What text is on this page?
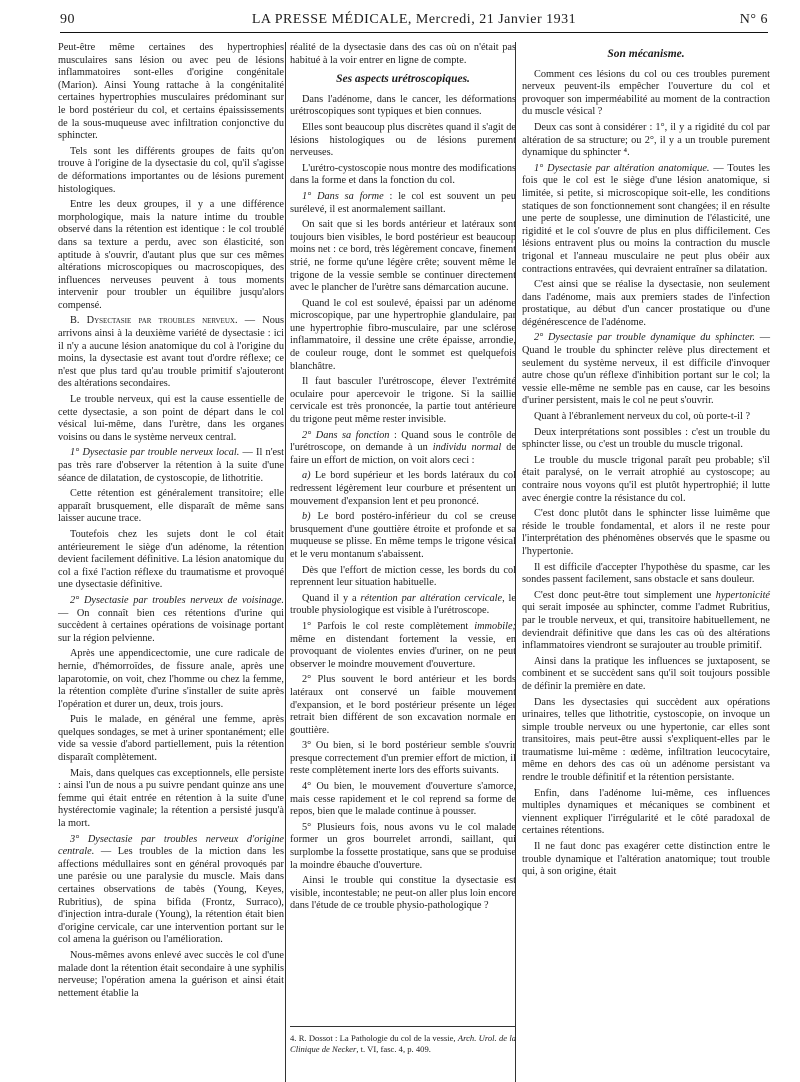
90	LA PRESSE MÉDICALE, Mercredi, 21 Janvier 1931	N° 6

Peut-être même certaines des hypertrophies musculaires sans lésion ou avec peu de lésions inflammatoires sont-elles d'origine congénitale (Marion). Ainsi Young rattache à la congénitalité certaines hypertrophies musculaires prédominant sur le bord postérieur du col, et certains épaississements de la sous-muqueuse avec infiltration conjonctive du sphincter.

Tels sont les différents groupes de faits qu'on trouve à l'origine de la dysectasie du col, qu'il s'agisse de déformations importantes ou de lésions purement histologiques.

Entre les deux groupes, il y a une différence morphologique, mais la nature intime du trouble observé dans la rétention est identique : le col troublé dans sa texture a perdu, avec son élasticité, son aptitude à s'ouvrir, d'autant plus que sur ces mêmes altérations microscopiques ou macroscopiques, des influences nerveuses peuvent à tous moments intervenir pour troubler un équilibre jusqu'alors compensé.

B. Dysectasie par troubles nerveux. — Nous arrivons ainsi à la deuxième variété de dysectasie : ici il n'y a aucune lésion anatomique du col à l'origine du moins, la dysectasie est avant tout d'ordre réflexe; ce n'est que plus tard qu'au trouble primitif s'ajouteront des altérations secondaires.

Le trouble nerveux, qui est la cause essentielle de cette dysectasie, a son point de départ dans le col vésical lui-même, dans l'urètre, dans les organes voisins ou dans le système nerveux central.

1° Dysectasie par trouble nerveux local. — Il n'est pas très rare d'observer la rétention à la suite d'une séance de dilatation, de cystoscopie, de lithotritie.

Cette rétention est généralement transitoire; elle apparaît brusquement, elle disparaît de même sans laisser aucune trace.

Toutefois chez les sujets dont le col était antérieurement le siège d'un adénome, la rétention devient facilement définitive. La lésion anatomique du col a fixé l'action réflexe du traumatisme et provoqué une dysectasie définitive.

2° Dysectasie par troubles nerveux de voisinage. — On connaît bien ces rétentions d'urine qui succèdent à certaines opérations de voisinage portant sur la région pelvienne.

Après une appendicectomie, une cure radicale de hernie, d'hémorroïdes, de fissure anale, après une laparotomie, on voit, chez l'homme ou chez la femme, la rétention complète d'urine s'installer de suite après l'opération et durer un, deux, trois jours.

Puis le malade, en général une femme, après quelques sondages, se met à uriner spontanément; elle vide sa vessie d'abord partiellement, puis la rétention disparaît complètement.

Mais, dans quelques cas exceptionnels, elle persiste : ainsi l'un de nous a pu suivre pendant quinze ans une femme qui était entrée en rétention à la suite d'une hystérectomie vaginale; la rétention a persisté jusqu'à la mort.

3° Dysectasie par troubles nerveux d'origine centrale. — Les troubles de la miction dans les affections médullaires sont en général provoqués par une parésie ou une paralysie du muscle. Mais dans certaines observations de tabès (Young, Keyes, Rubritius), de spina bifida (Frontz, Surraco), d'injection intra-durale (Young), la rétention était bien d'origine cervicale, car une intervention portant sur le col amena la guérison ou l'amélioration.

Nous-mêmes avons enlevé avec succès le col d'une malade dont la rétention était secondaire à une syphilis nerveuse; l'opération amena la guérison et ainsi était nettement établie la

réalité de la dysectasie dans des cas où on n'était pas habitué à la voir entrer en ligne de compte.

Ses aspects urétroscopiques.

Dans l'adénome, dans le cancer, les déformations urétroscopiques sont typiques et bien connues.

Elles sont beaucoup plus discrètes quand il s'agit de lésions histologiques ou de lésions purement nerveuses.

L'urétro-cystoscopie nous montre des modifications dans la forme et dans la fonction du col.

1° Dans sa forme : le col est souvent un peu surélevé, il est anormalement saillant.

On sait que si les bords antérieur et latéraux sont toujours bien visibles, le bord postérieur est beaucoup moins net : ce bord, très légèrement concave, finement strié, ne forme qu'une légère crête; souvent même le trigone de la vessie semble se continuer directement avec le plancher de l'urètre sans démarcation aucune.

Quand le col est soulevé, épaissi par un adénome microscopique, par une hypertrophie glandulaire, par une hypertrophie fibro-musculaire, par une sclérose inflammatoire, il dessine une crête épaisse, arrondie, de couleur rouge, dont le sommet est quelquefois blanchâtre.

Il faut basculer l'urétroscope, élever l'extrémité oculaire pour apercevoir le trigone. Si la saillie cervicale est très prononcée, la partie tout antérieure du trigone peut même rester invisible.

2° Dans sa fonction : Quand sous le contrôle de l'urétroscope, on demande à un individu normal de faire un effort de miction, on voit alors ceci :

a) Le bord supérieur et les bords latéraux du col redressent légèrement leur courbure et présentent un mouvement d'expansion lent et peu prononcé.

b) Le bord postéro-inférieur du col se creuse brusquement d'une gouttière étroite et profonde et sa muqueuse se plisse. En même temps le trigone vésical et le veru montanum s'abaissent.

Dès que l'effort de miction cesse, les bords du col reprennent leur situation habituelle.

Quand il y a rétention par altération cervicale, le trouble physiologique est visible à l'urétroscope.

1° Parfois le col reste complètement immobile; même en distendant fortement la vessie, en provoquant de violentes envies d'uriner, on ne peut observer le moindre mouvement d'ouverture.

2° Plus souvent le bord antérieur et les bords latéraux ont conservé un faible mouvement d'expansion, et le bord postérieur présente un léger retrait bien différent de son excavation normale en gouttière.

3° Ou bien, si le bord postérieur semble s'ouvrir presque correctement d'un premier effort de miction, il reste complètement inerte lors des efforts suivants.

4° Ou bien, le mouvement d'ouverture s'amorce, mais cesse rapidement et le col reprend sa forme de repos, bien que le malade continue à pousser.

5° Plusieurs fois, nous avons vu le col malade former un gros bourrelet arrondi, saillant, qui surplombe la fossette prostatique, sans que se produise la moindre ébauche d'ouverture.

Ainsi le trouble qui constitue la dysectasie est visible, incontestable; ne peut-on aller plus loin encore dans l'étude de ce trouble physio-pathologique ?

4. R. Dossot : La Pathologie du col de la vessie, Arch. Urol. de la Clinique de Necker, t. VI, fasc. 4, p. 409.
Son mécanisme.

Comment ces lésions du col ou ces troubles purement nerveux peuvent-ils empêcher l'ouverture du col et provoquer son imperméabilité au moment de la contraction du muscle vésical ?

Deux cas sont à considérer : 1°, il y a rigidité du col par altération de sa structure; ou 2°, il y a un trouble purement dynamique du sphincter ⁴.

1° Dysectasie par altération anatomique. — Toutes les fois que le col est le siège d'une lésion anatomique, si limitée, si petite, si microscopique soit-elle, les conditions statiques de son fonctionnement sont changées; il en résulte une perte de souplesse, une diminution de l'élasticité, une rigidité et le col s'ouvre de plus en plus difficilement. Ces lésions entravent plus ou moins la contraction du muscle trigonal et l'anneau musculaire ne peut plus obéir aux contractions entravées, qui devraient entraîner sa dilatation.

C'est ainsi que se réalise la dysectasie, non seulement dans l'adénome, mais aux premiers stades de l'infection prostatique, au début d'un cancer prostatique ou d'une dégénérescence de l'adénome.

2° Dysectasie par trouble dynamique du sphincter. — Quand le trouble du sphincter relève plus directement et seulement du système nerveux, il est difficile d'invoquer autre chose qu'un réflexe d'inhibition portant sur le col; la vessie elle-même ne semble pas en cause, car les besoins d'uriner persistent, mais le col ne peut s'ouvrir.

Quant à l'ébranlement nerveux du col, où porte-t-il ?

Deux interprétations sont possibles : c'est un trouble du sphincter lisse, ou c'est un trouble du muscle trigonal.

Le trouble du muscle trigonal paraît peu probable; s'il était paralysé, on le verrait atrophié au cystoscope; au contraire nous voyons qu'il est plutôt hypertrophié; il lutte avec énergie contre la résistance du col.

C'est donc plutôt dans le sphincter lisse luimême que réside le trouble fondamental, et alors il ne reste pour l'interprétation des phénomènes observés que le spasme ou l'hypertonie.

Il est difficile d'accepter l'hypothèse du spasme, car les sondes passent facilement, sans obstacle et sans douleur.

C'est donc peut-être tout simplement une hypertonicité qui serait imposée au sphincter, comme l'admet Rubritius, par le trouble nerveux, et qui, transitoire habituellement, ne deviendrait définitive que dans les cas où des altérations inflammatoires viendront se surajouter au trouble primitif.

Ainsi dans la pratique les influences se juxtaposent, se combinent et se succèdent sans qu'il soit toujours possible de définir la première en date.

Dans les dysectasies qui succèdent aux opérations urinaires, telles que lithotritie, cystoscopie, on invoque un simple trouble nerveux ou une hypertonie, car elles sont transitoires, mais peut-être aussi s'expliquent-elles par le traumatisme lui-même : œdème, infiltration leucocytaire, même en dehors des cas où un adénome persistant va rendre le trouble définitif et la rétention persistante.

Enfin, dans l'adénome lui-même, ces influences multiples dynamiques et mécaniques se combinent et viennent expliquer l'irrégularité et le côté paradoxal de certaines rétentions.

Il ne faut donc pas exagérer cette distinction entre le trouble dynamique et l'altération anatomique; tout trouble qui, à son origine, était
